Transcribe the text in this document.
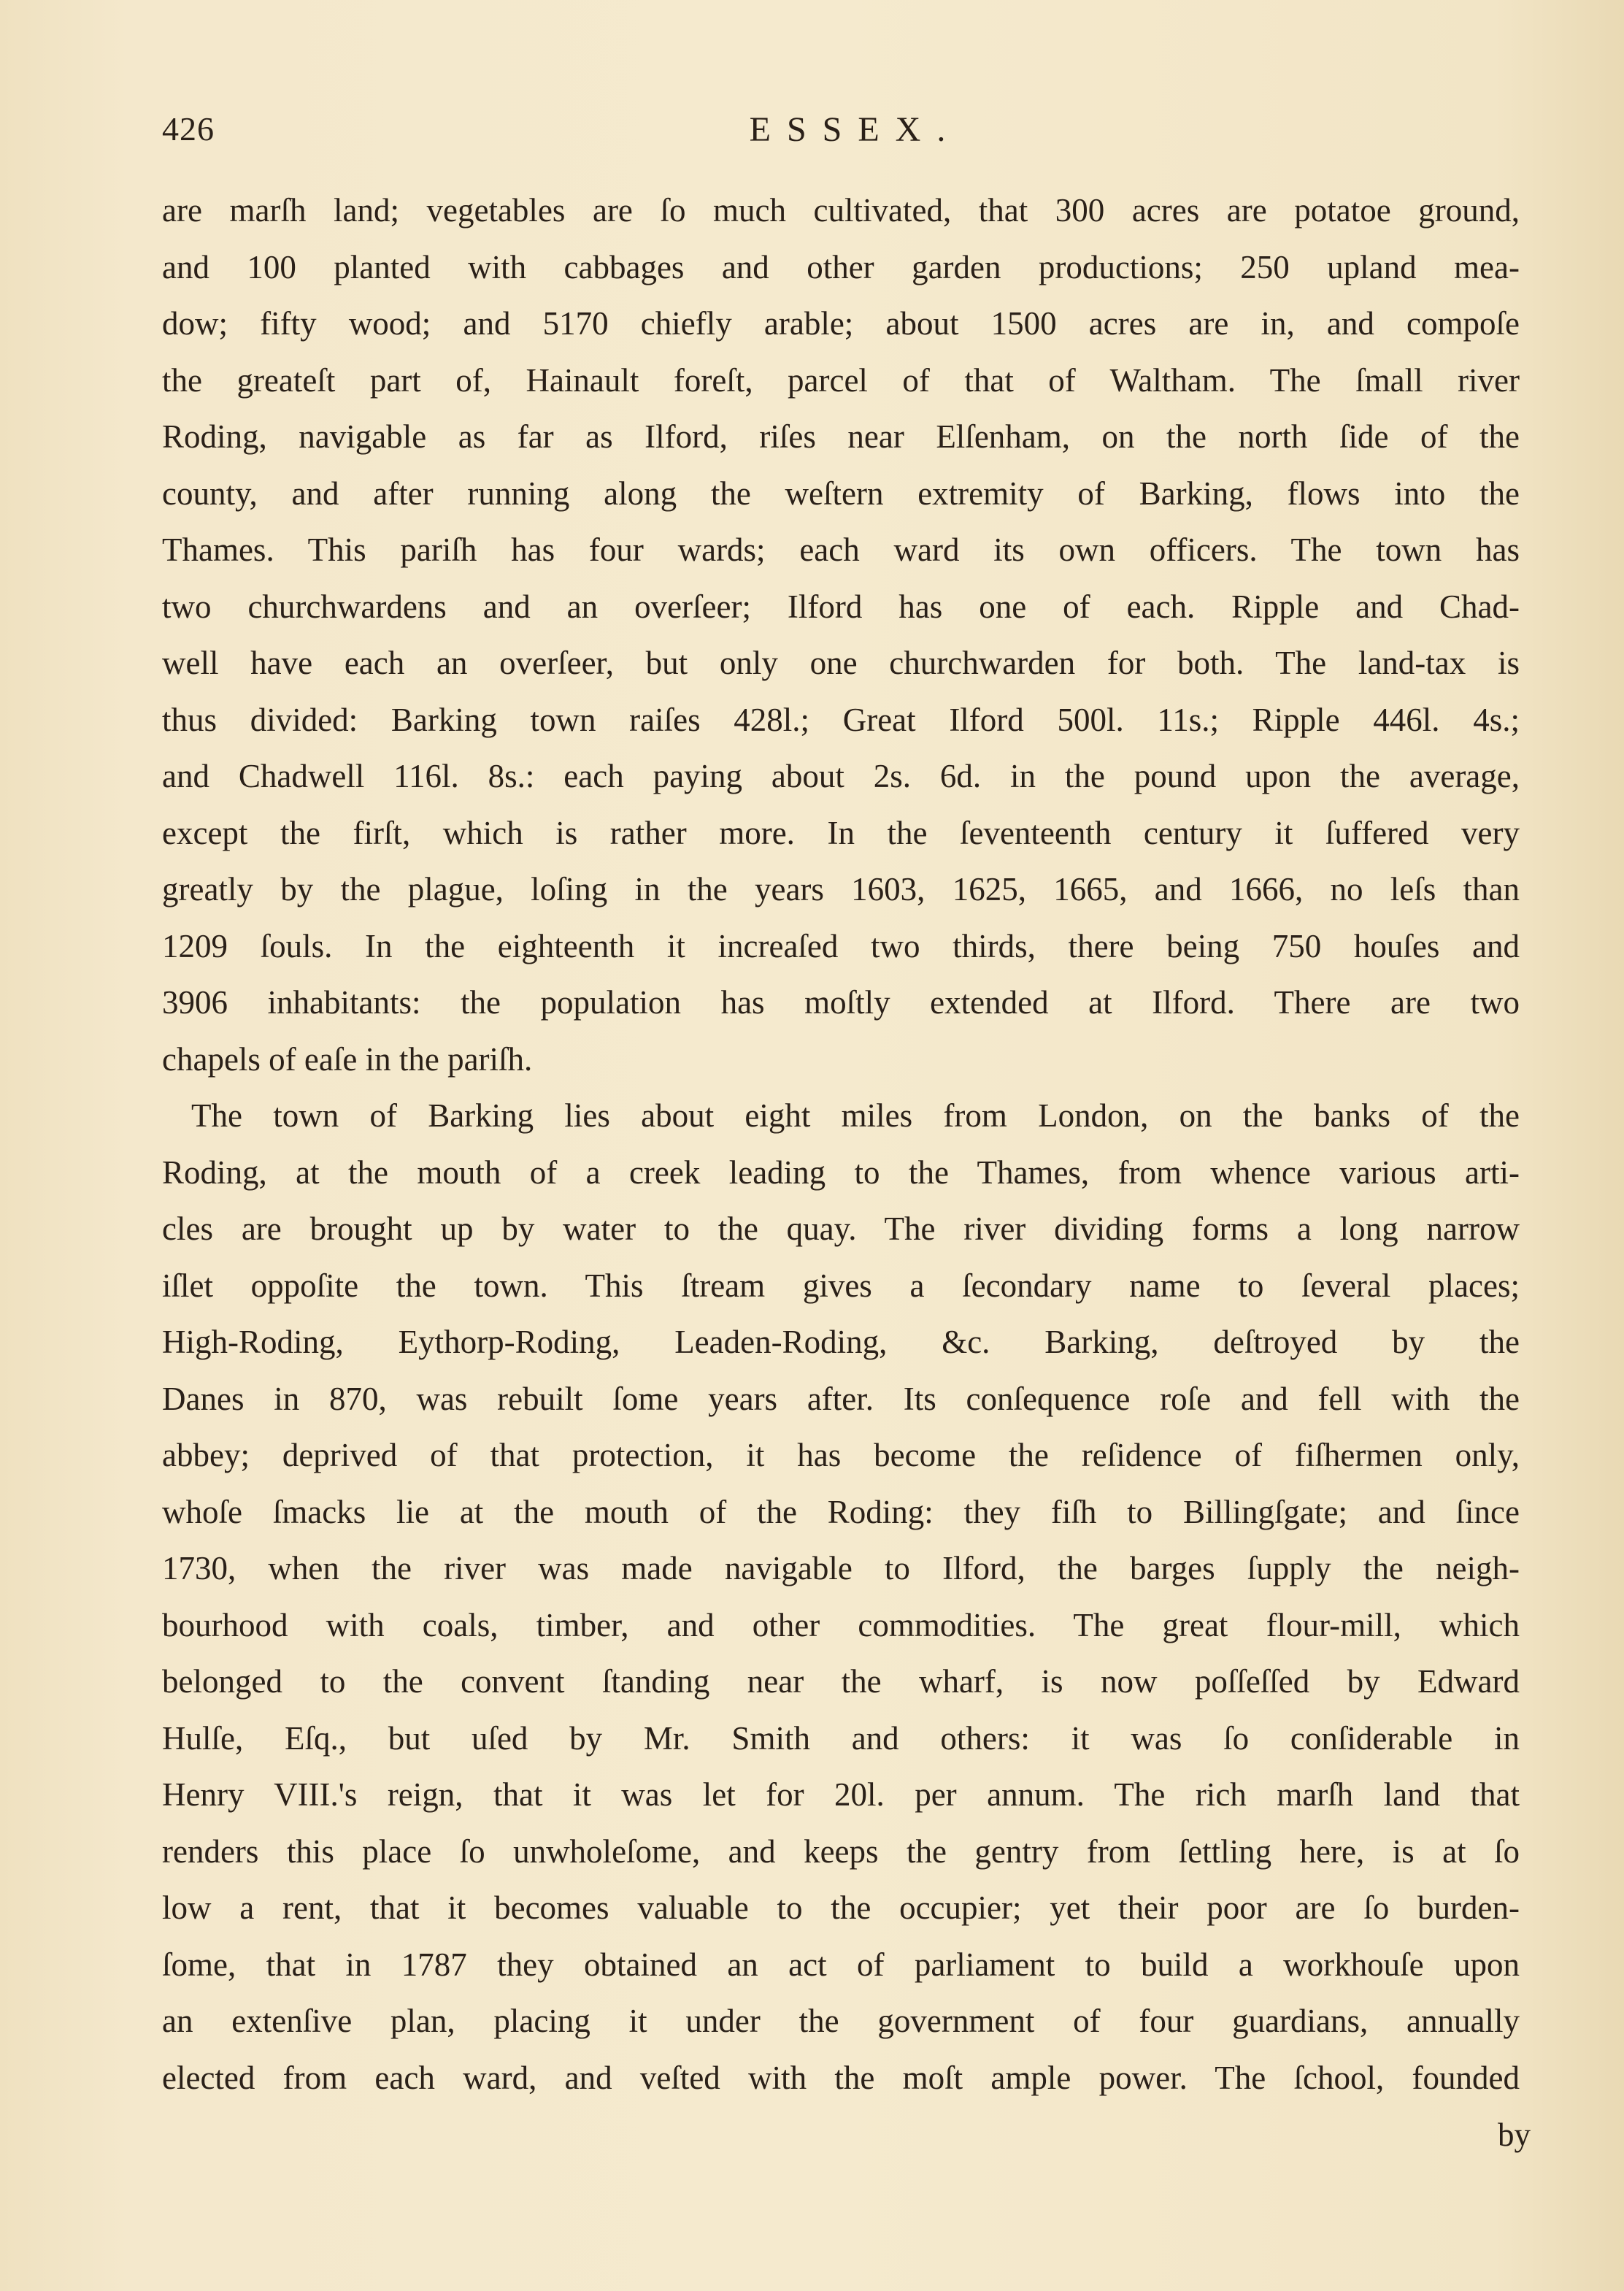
426	ESSEX.
are marſh land; vegetables are ſo much cultivated, that 300 acres are potatoe ground,
and 100 planted with cabbages and other garden productions; 250 upland mea-
dow; fifty wood; and 5170 chiefly arable; about 1500 acres are in, and compoſe
the greateſt part of, Hainault foreſt, parcel of that of Waltham. The ſmall river
Roding, navigable as far as Ilford, riſes near Elſenham, on the north ſide of the
county, and after running along the weſtern extremity of Barking, flows into the
Thames. This pariſh has four wards; each ward its own officers. The town has
two churchwardens and an overſeer; Ilford has one of each. Ripple and Chad-
well have each an overſeer, but only one churchwarden for both. The land-tax is
thus divided: Barking town raiſes 428l.; Great Ilford 500l. 11s.; Ripple 446l. 4s.;
and Chadwell 116l. 8s.: each paying about 2s. 6d. in the pound upon the average,
except the firſt, which is rather more. In the ſeventeenth century it ſuffered very
greatly by the plague, loſing in the years 1603, 1625, 1665, and 1666, no leſs than
1209 ſouls. In the eighteenth it increaſed two thirds, there being 750 houſes and
3906 inhabitants: the population has moſtly extended at Ilford. There are two
chapels of eaſe in the pariſh.
The town of Barking lies about eight miles from London, on the banks of the
Roding, at the mouth of a creek leading to the Thames, from whence various arti-
cles are brought up by water to the quay. The river dividing forms a long narrow
iſlet oppoſite the town. This ſtream gives a ſecondary name to ſeveral places;
High-Roding, Eythorp-Roding, Leaden-Roding, &c. Barking, deſtroyed by the
Danes in 870, was rebuilt ſome years after. Its conſequence roſe and fell with the
abbey; deprived of that protection, it has become the reſidence of fiſhermen only,
whoſe ſmacks lie at the mouth of the Roding: they fiſh to Billingſgate; and ſince
1730, when the river was made navigable to Ilford, the barges ſupply the neigh-
bourhood with coals, timber, and other commodities. The great flour-mill, which
belonged to the convent ſtanding near the wharf, is now poſſeſſed by Edward
Hulſe, Eſq., but uſed by Mr. Smith and others: it was ſo conſiderable in
Henry VIII.'s reign, that it was let for 20l. per annum. The rich marſh land that
renders this place ſo unwholeſome, and keeps the gentry from ſettling here, is at ſo
low a rent, that it becomes valuable to the occupier; yet their poor are ſo burden-
ſome, that in 1787 they obtained an act of parliament to build a workhouſe upon
an extenſive plan, placing it under the government of four guardians, annually
elected from each ward, and veſted with the moſt ample power. The ſchool, founded
by
